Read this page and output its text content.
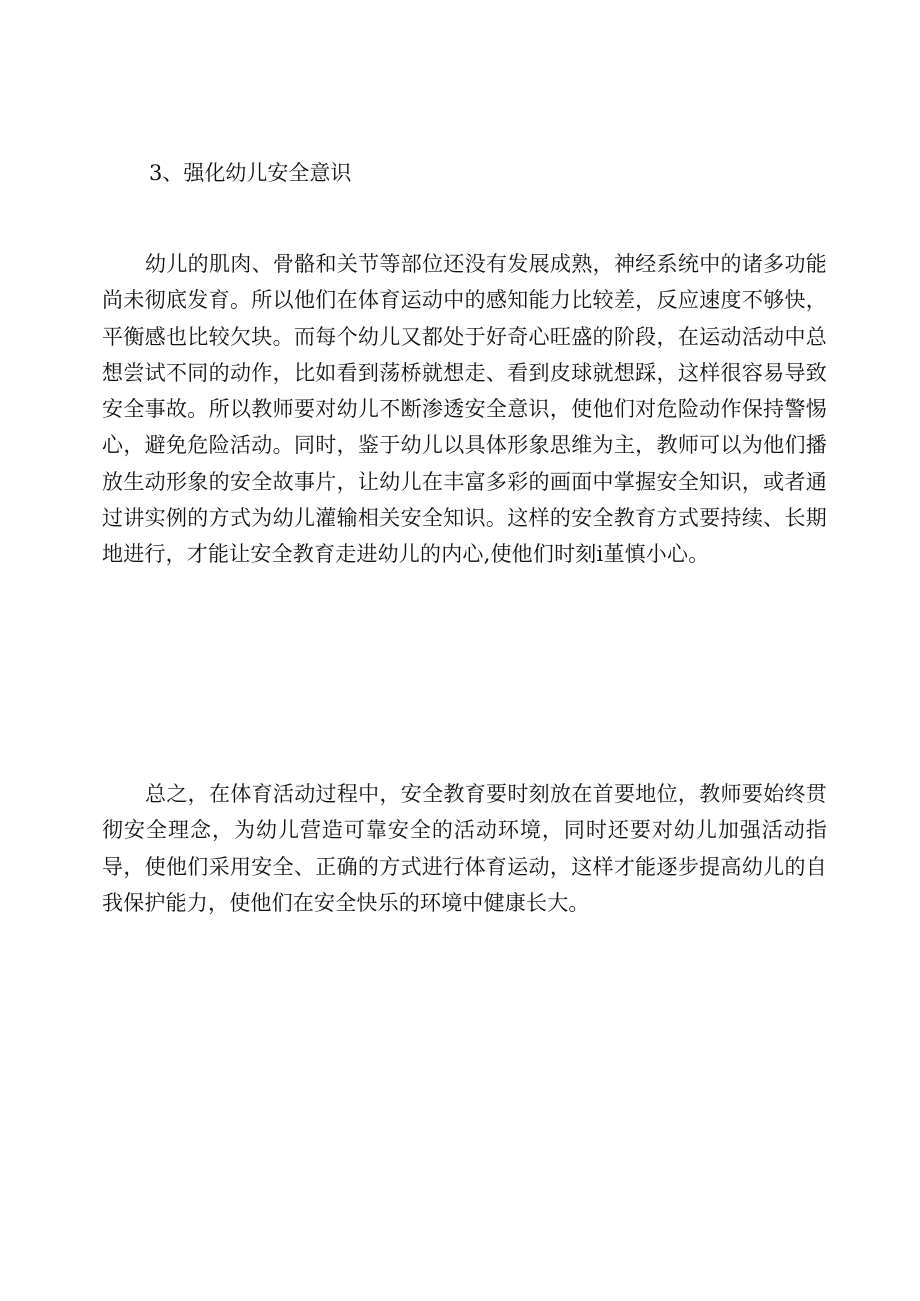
3、强化幼儿安全意识

幼儿的肌肉、骨骼和关节等部位还没有发展成熟，神经系统中的诸多功能尚未彻底发育。所以他们在体育运动中的感知能力比较差，反应速度不够快，平衡感也比较欠块。而每个幼儿又都处于好奇心旺盛的阶段，在运动活动中总想尝试不同的动作，比如看到荡桥就想走、看到皮球就想踩，这样很容易导致安全事故。所以教师要对幼儿不断渗透安全意识，使他们对危险动作保持警惕心，避免危险活动。同时，鉴于幼儿以具体形象思维为主，教师可以为他们播放生动形象的安全故事片，让幼儿在丰富多彩的画面中掌握安全知识，或者通过讲实例的方式为幼儿灌输相关安全知识。这样的安全教育方式要持续、长期地进行，才能让安全教育走进幼儿的内心,使他们时刻i堇慎小心。

总之，在体育活动过程中，安全教育要时刻放在首要地位，教师要始终贯彻安全理念，为幼儿营造可靠安全的活动环境，同时还要对幼儿加强活动指导，使他们采用安全、正确的方式进行体育运动，这样才能逐步提高幼儿的自我保护能力，使他们在安全快乐的环境中健康长大。
